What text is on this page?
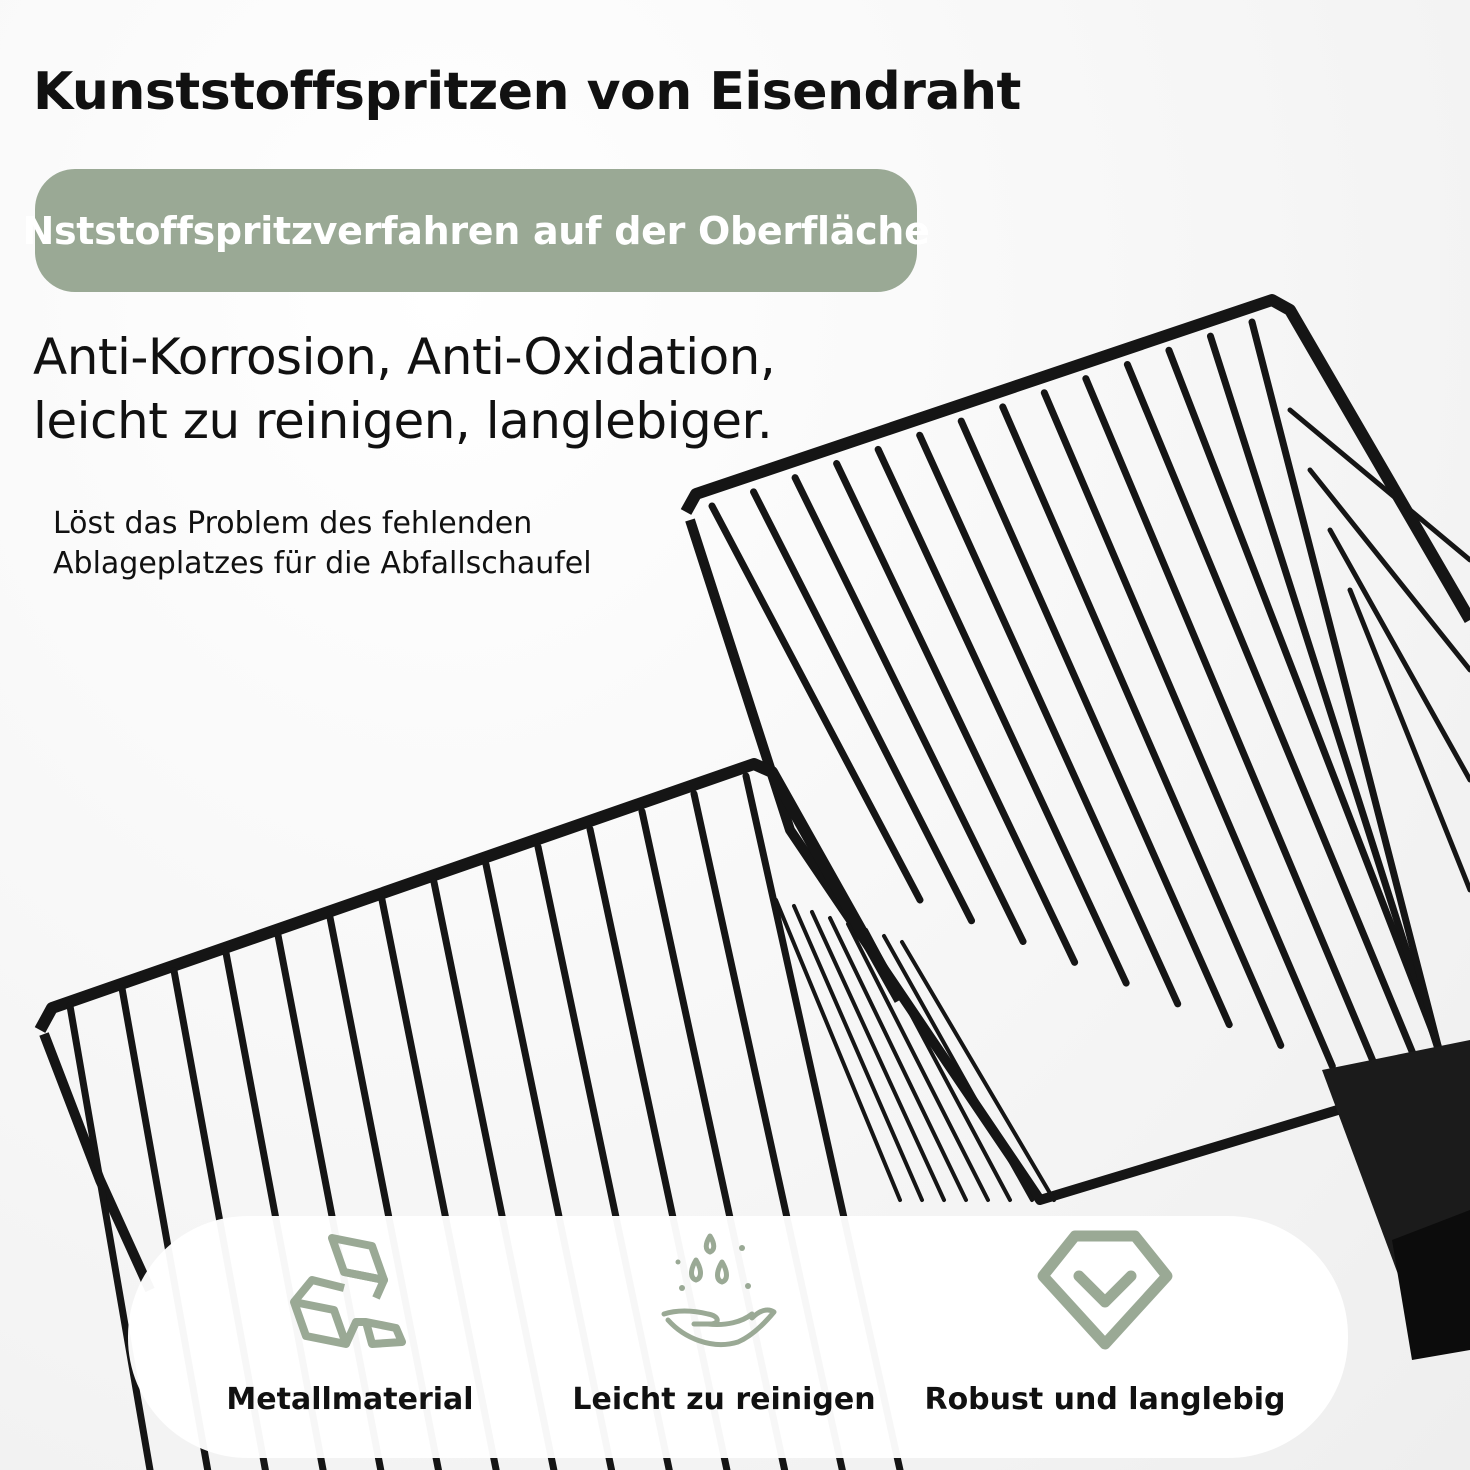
Kunststoffspritzen von Eisendraht
Nststoffspritzverfahren auf der Oberfläche

Anti-Korrosion, Anti-Oxidation,

leicht zu reinigen, langlebiger.

Löst das Problem des fehlenden

Ablageplatzes für die Abfallschaufel

Metallmaterial	Leicht zu reinigen	Robust und langlebig
